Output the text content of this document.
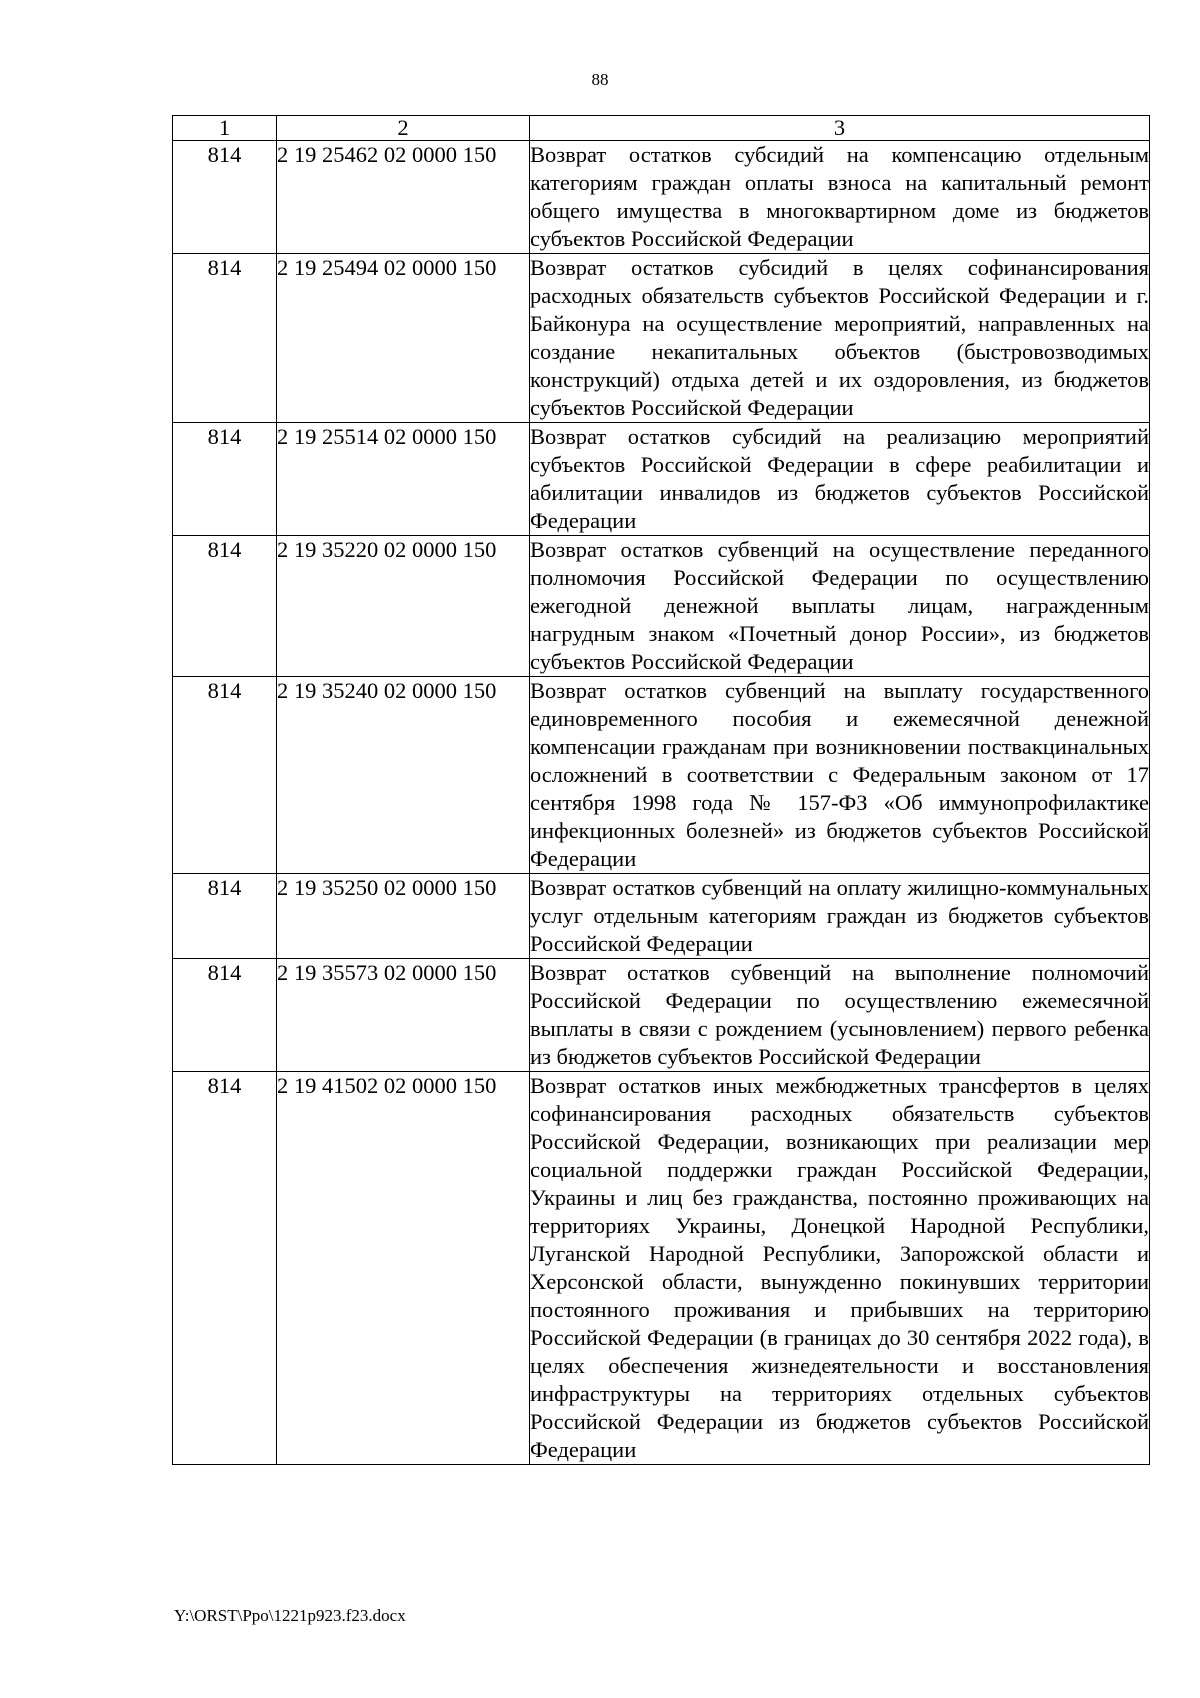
88
1	2	3
814	2 19 25462 02 0000 150	Возврат остатков субсидий на компенсацию отдельным категориям граждан оплаты взноса на капитальный ремонт общего имущества в многоквартирном доме из бюджетов субъектов Российской Федерации
814	2 19 25494 02 0000 150	Возврат остатков субсидий в целях софинансирования расходных обязательств субъектов Российской Федерации и г. Байконура на осуществление мероприятий, направленных на создание некапитальных объектов (быстровозводимых конструкций) отдыха детей и их оздоровления, из бюджетов субъектов Российской Федерации
814	2 19 25514 02 0000 150	Возврат остатков субсидий на реализацию мероприятий субъектов Российской Федерации в сфере реабилитации и абилитации инвалидов из бюджетов субъектов Российской Федерации
814	2 19 35220 02 0000 150	Возврат остатков субвенций на осуществление переданного полномочия Российской Федерации по осуществлению ежегодной денежной выплаты лицам, награжденным нагрудным знаком «Почетный донор России», из бюджетов субъектов Российской Федерации
814	2 19 35240 02 0000 150	Возврат остатков субвенций на выплату государственного единовременного пособия и ежемесячной денежной компенсации гражданам при возникновении поствакцинальных осложнений в соответствии с Федеральным законом от 17 сентября 1998 года № 157-ФЗ «Об иммунопрофилактике инфекционных болезней» из бюджетов субъектов Российской Федерации
814	2 19 35250 02 0000 150	Возврат остатков субвенций на оплату жилищно-коммунальных услуг отдельным категориям граждан из бюджетов субъектов Российской Федерации
814	2 19 35573 02 0000 150	Возврат остатков субвенций на выполнение полномочий Российской Федерации по осуществлению ежемесячной выплаты в связи с рождением (усыновлением) первого ребенка из бюджетов субъектов Российской Федерации
814	2 19 41502 02 0000 150	Возврат остатков иных межбюджетных трансфертов в целях софинансирования расходных обязательств субъектов Российской Федерации, возникающих при реализации мер социальной поддержки граждан Российской Федерации, Украины и лиц без гражданства, постоянно проживающих на территориях Украины, Донецкой Народной Республики, Луганской Народной Республики, Запорожской области и Херсонской области, вынужденно покинувших территории постоянного проживания и прибывших на территорию Российской Федерации (в границах до 30 сентября 2022 года), в целях обеспечения жизнедеятельности и восстановления инфраструктуры на территориях отдельных субъектов Российской Федерации из бюджетов субъектов Российской Федерации
Y:\ORST\Ppo\1221p923.f23.docx
